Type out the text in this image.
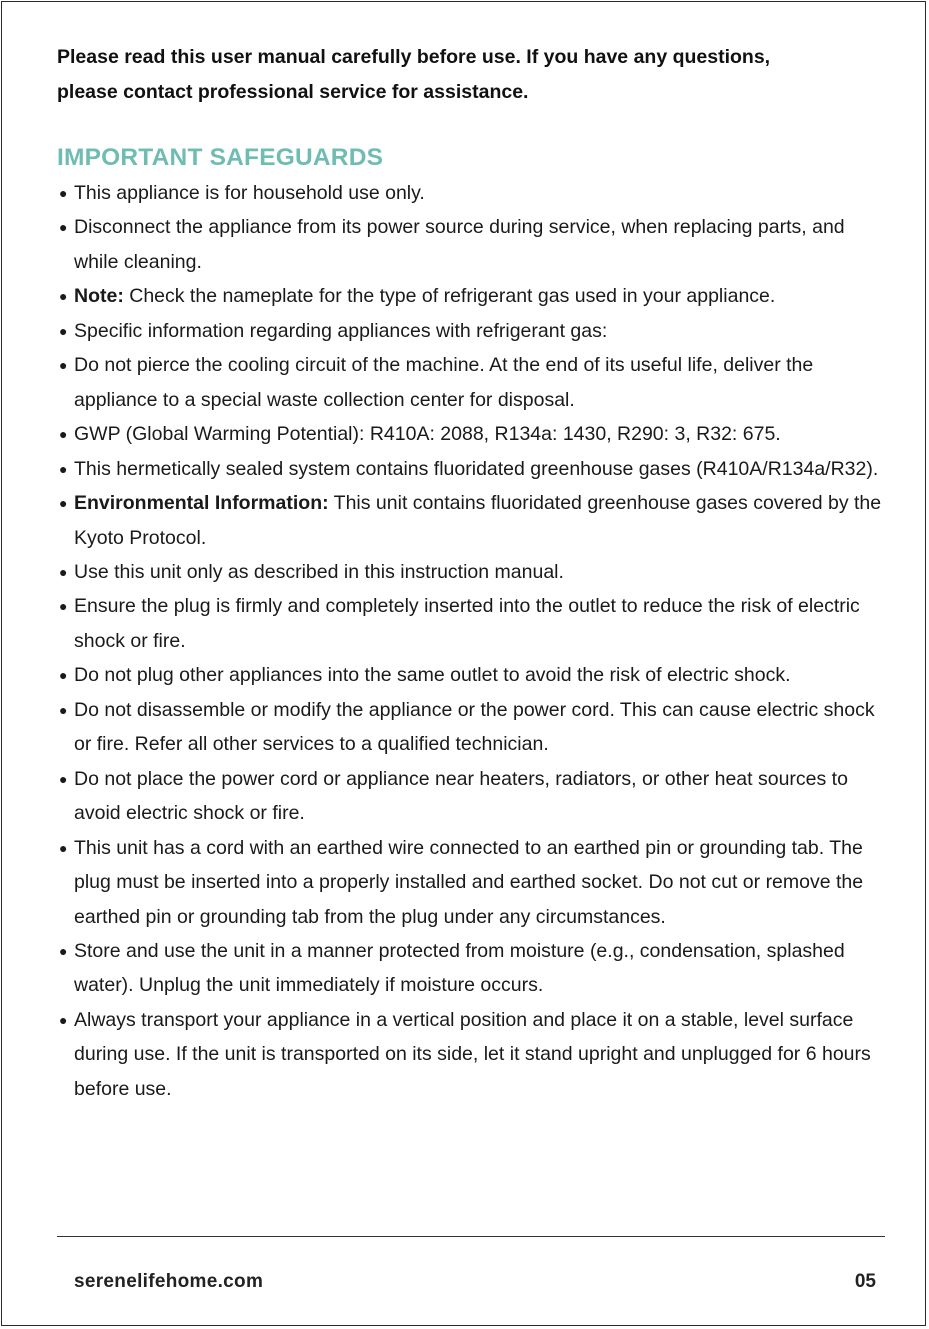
Please read this user manual carefully before use. If you have any questions,
please contact professional service for assistance.
IMPORTANT SAFEGUARDS
● This appliance is for household use only.
● Disconnect the appliance from its power source during service, when replacing parts, and while cleaning.
● Note: Check the nameplate for the type of refrigerant gas used in your appliance.
● Specific information regarding appliances with refrigerant gas:
● Do not pierce the cooling circuit of the machine. At the end of its useful life, deliver the appliance to a special waste collection center for disposal.
● GWP (Global Warming Potential): R410A: 2088, R134a: 1430, R290: 3, R32: 675.
● This hermetically sealed system contains fluoridated greenhouse gases (R410A/R134a/R32).
● Environmental Information: This unit contains fluoridated greenhouse gases covered by the Kyoto Protocol.
● Use this unit only as described in this instruction manual.
● Ensure the plug is firmly and completely inserted into the outlet to reduce the risk of electric shock or fire.
● Do not plug other appliances into the same outlet to avoid the risk of electric shock.
● Do not disassemble or modify the appliance or the power cord. This can cause electric shock or fire. Refer all other services to a qualified technician.
● Do not place the power cord or appliance near heaters, radiators, or other heat sources to avoid electric shock or fire.
● This unit has a cord with an earthed wire connected to an earthed pin or grounding tab. The plug must be inserted into a properly installed and earthed socket. Do not cut or remove the earthed pin or grounding tab from the plug under any circumstances.
● Store and use the unit in a manner protected from moisture (e.g., condensation, splashed water). Unplug the unit immediately if moisture occurs.
● Always transport your appliance in a vertical position and place it on a stable, level surface during use. If the unit is transported on its side, let it stand upright and unplugged for 6 hours before use.
serenelifehome.com	05
